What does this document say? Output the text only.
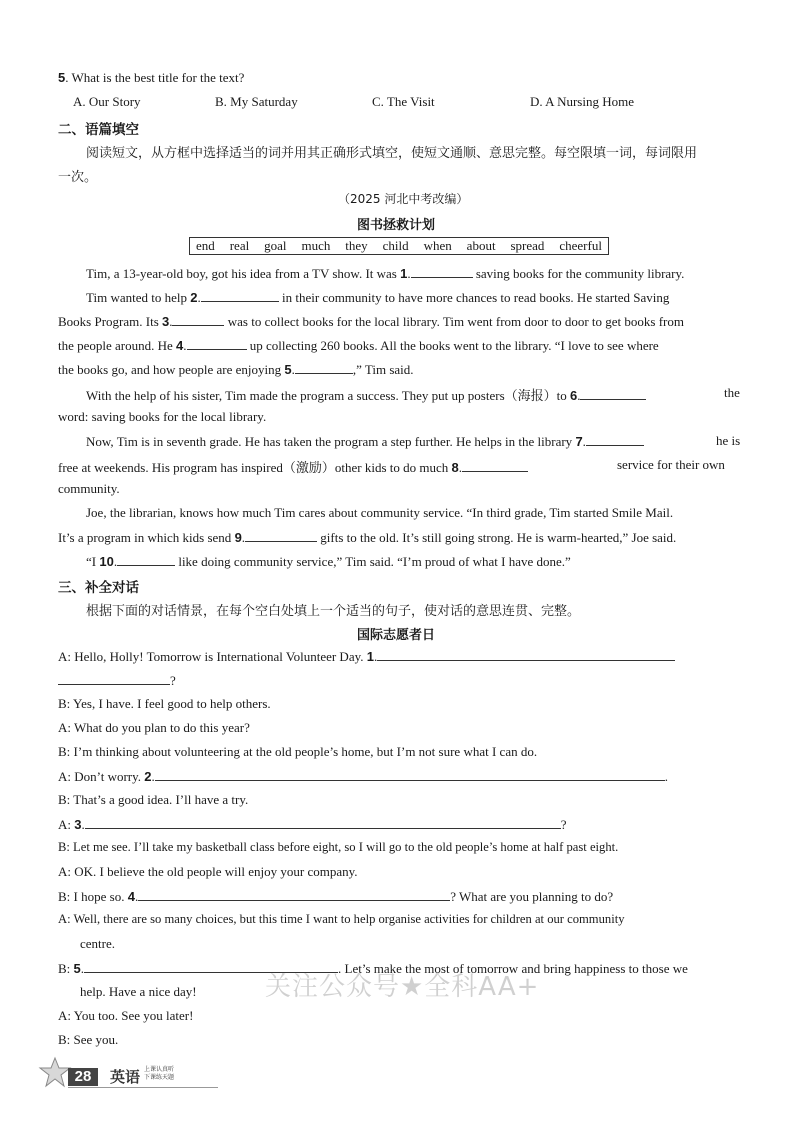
5. What is the best title for the text?
A. Our Story	B. My Saturday	C. The Visit	D. A Nursing Home
二、语篇填空
阅读短文，从方框中选择适当的词并用其正确形式填空，使短文通顺、意思完整。每空限填一词，每词限用
一次。
（2025 河北中考改编）
图书拯救计划
end real goal much they child when about spread cheerful
Tim, a 13-year-old boy, got his idea from a TV show. It was 1.	saving books for the community library.
Tim wanted to help 2.	in their community to have more chances to read books. He started Saving
Books Program. Its 3.	was to collect books for the local library. Tim went from door to door to get books from
the people around. He 4.	up collecting 260 books. All the books went to the library. “I love to see where
the books go, and how people are enjoying 5.	,” Tim said.
With the help of his sister, Tim made the program a success. They put up posters（海报）to 6.	the
word: saving books for the local library.
Now, Tim is in seventh grade. He has taken the program a step further. He helps in the library 7.	he is
free at weekends. His program has inspired（激励）other kids to do much 8.	service for their own
community.
Joe, the librarian, knows how much Tim cares about community service. “In third grade, Tim started Smile Mail.
It’s a program in which kids send 9.	gifts to the old. It’s still going strong. He is warm-hearted,” Joe said.
“I 10.	like doing community service,” Tim said. “I’m proud of what I have done.”
三、补全对话
根据下面的对话情景，在每个空白处填上一个适当的句子，使对话的意思连贯、完整。
国际志愿者日
A: Hello, Holly! Tomorrow is International Volunteer Day. 1.
?
B: Yes, I have. I feel good to help others.
A: What do you plan to do this year?
B: I’m thinking about volunteering at the old people’s home, but I’m not sure what I can do.
A: Don’t worry. 2.	.
B: That’s a good idea. I’ll have a try.
A: 3.	?
B: Let me see. I’ll take my basketball class before eight, so I will go to the old people’s home at half past eight.
A: OK. I believe the old people will enjoy your company.
B: I hope so. 4.	? What are you planning to do?
A: Well, there are so many choices, but this time I want to help organise activities for children at our community
centre.
B: 5.	. Let’s make the most of tomorrow and bring happiness to those we
help. Have a nice day!
A: You too. See you later!
B: See you.
关注公众号★全科AA+
28	英语 上课认真听
下课练天题
